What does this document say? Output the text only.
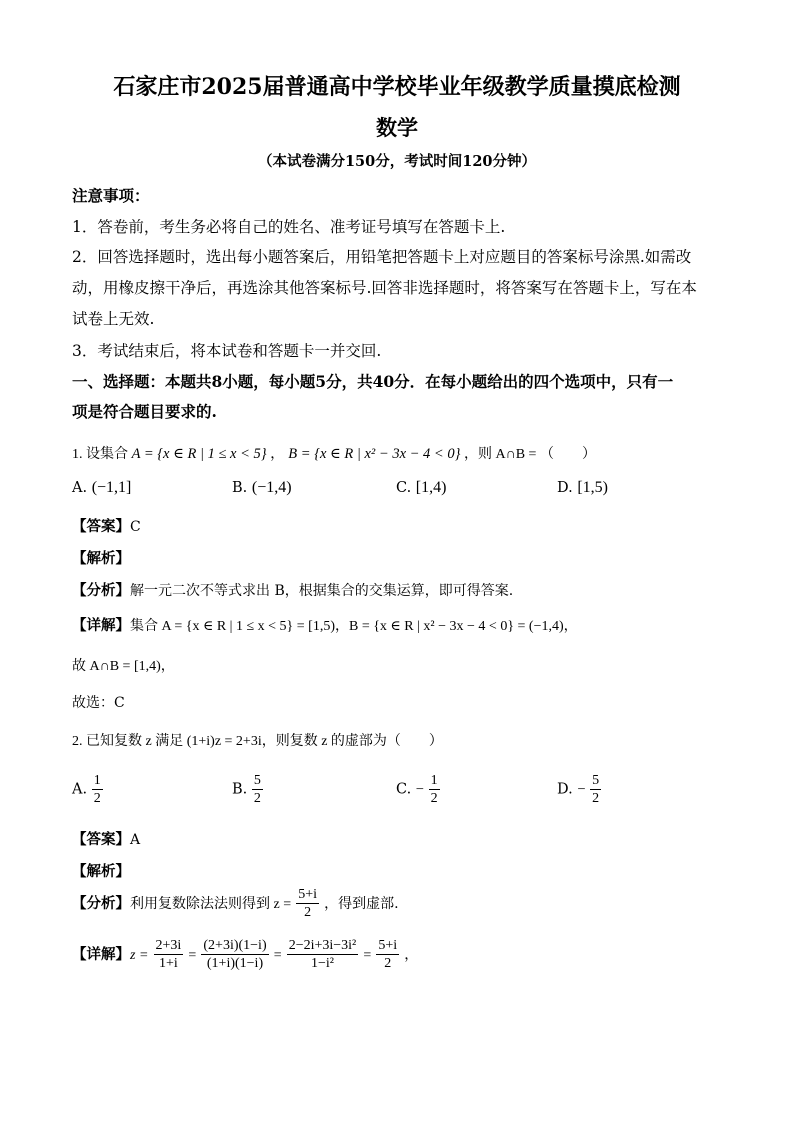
石家庄市2025届普通高中学校毕业年级教学质量摸底检测
数学
（本试卷满分150分，考试时间120分钟）
注意事项：
1．答卷前，考生务必将自己的姓名、准考证号填写在答题卡上.
2．回答选择题时，选出每小题答案后，用铅笔把答题卡上对应题目的答案标号涂黑.如需改
动，用橡皮擦干净后，再选涂其他答案标号.回答非选择题时，将答案写在答题卡上，写在本
试卷上无效.
3．考试结束后，将本试卷和答题卡一并交回.
一、选择题：本题共8小题，每小题5分，共40分．在每小题给出的四个选项中，只有一
项是符合题目要求的.
1. 设集合 A = {x ∈ R | 1 ≤ x < 5} ， B = {x ∈ R | x² − 3x − 4 < 0} ，则 A∩B = （　　）
A. (−1,1]	B. (−1,4)	C. [1,4)	D. [1,5)
【答案】C
【解析】
【分析】解一元二次不等式求出 B，根据集合的交集运算，即可得答案.
【详解】集合 A = {x ∈ R | 1 ≤ x < 5} = [1,5)，B = {x ∈ R | x² − 3x − 4 < 0} = (−1,4)，
故 A∩B = [1,4)，
故选：C
2. 已知复数 z 满足 (1+i)z = 2+3i，则复数 z 的虚部为（　　）
A. $\frac{1}{2}$	B. $\frac{5}{2}$	C. − $\frac{1}{2}$	D. − $\frac{5}{2}$
【答案】A
【解析】
【分析】利用复数除法法则得到 $z = \frac{5+i}{2}$ ，得到虚部.
【详解】$z = \frac{2+3i}{1+i} = \frac{(2+3i)(1-i)}{(1+i)(1-i)} = \frac{\text{2−2i+3i−3i²}}{\text{1−i²}} = \frac{5+i}{2}$ ，
